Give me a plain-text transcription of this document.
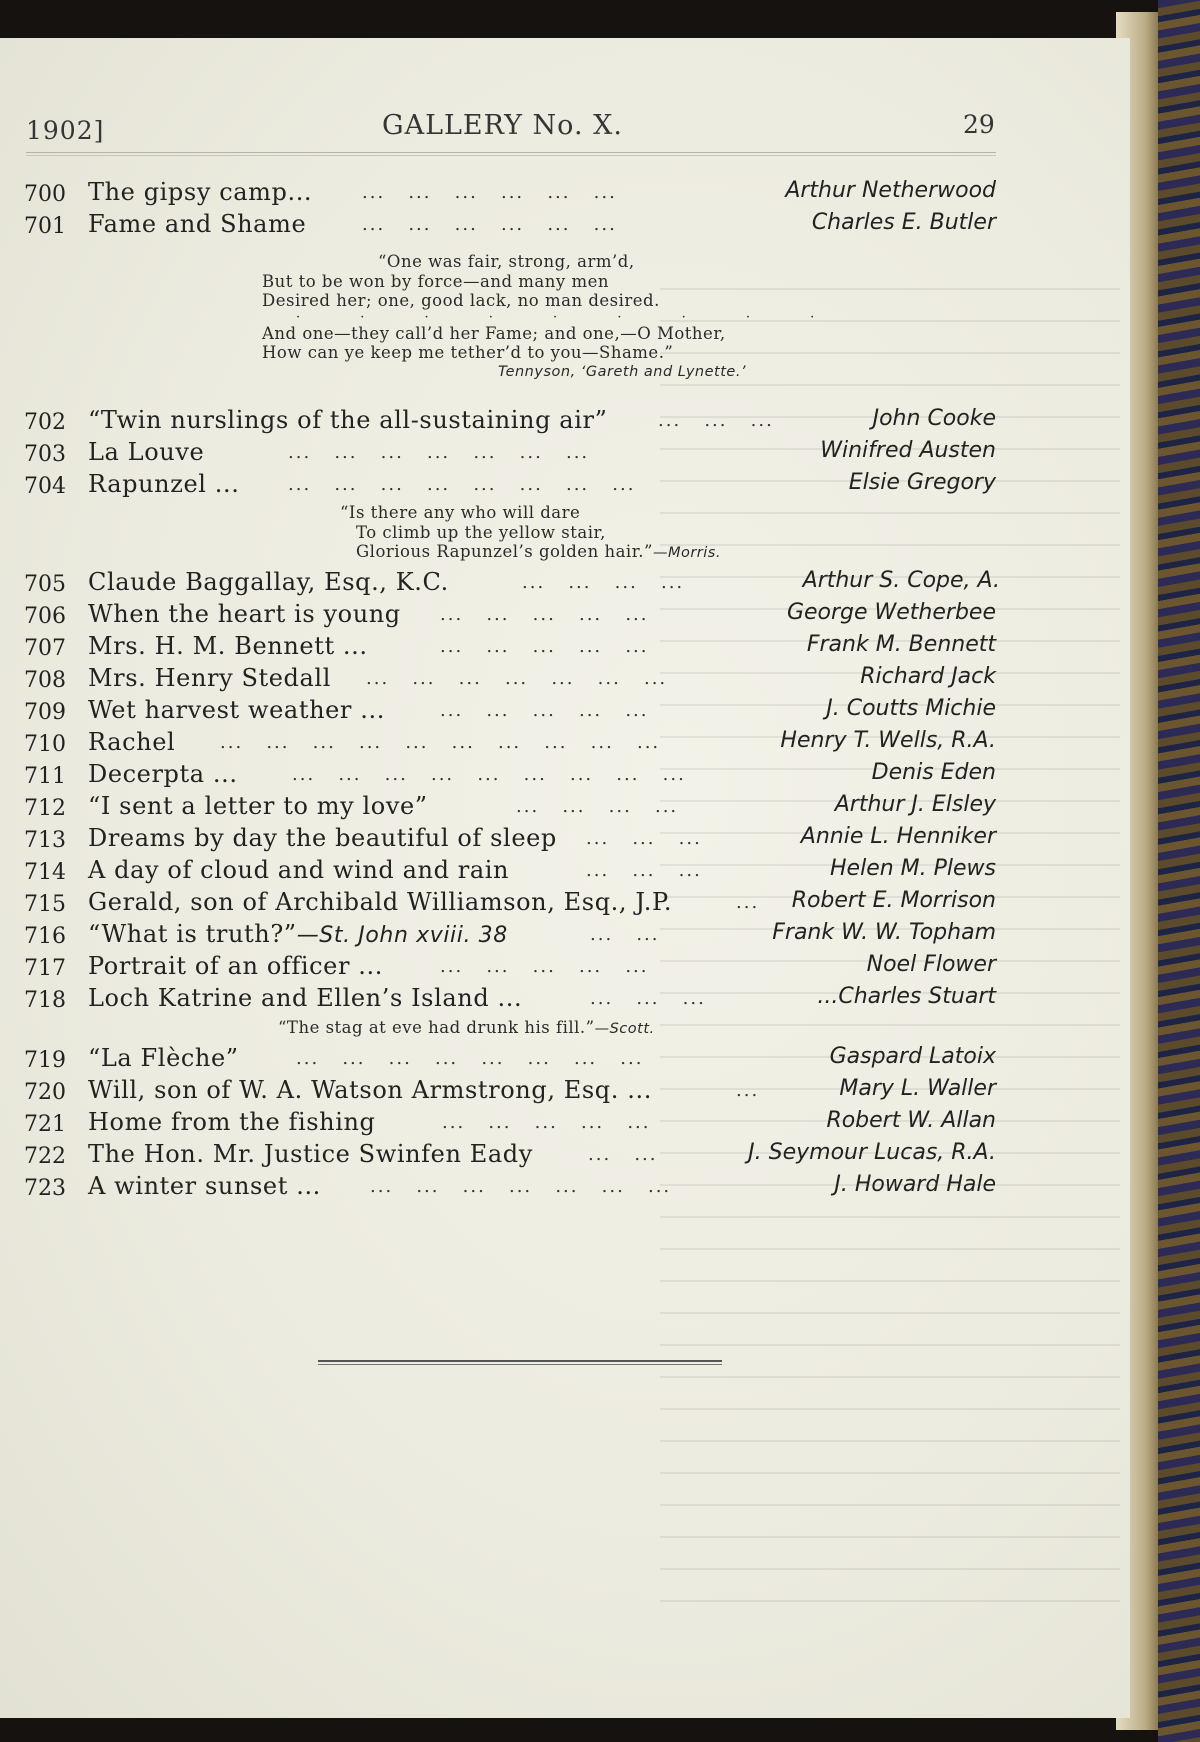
1902]	GALLERY No. X.	29
700 The gipsy camp...	...   ...   ...   ...   ...   ...	Arthur Netherwood
701 Fame and Shame	...   ...   ...   ...   ...   ...	Charles E. Butler
“One was fair, strong, arm’d,
But to be won by force—and many men
Desired her; one, good lack, no man desired.
· · · · · · · · ·
And one—they call’d her Fame; and one,—O Mother,
How can ye keep me tether’d to you—Shame.”
Tennyson, ‘Gareth and Lynette.’
702 “Twin nurslings of the all-sustaining air”	...   ...   ...	John Cooke
703 La Louve	...   ...   ...   ...   ...   ...   ...	Winifred Austen
704 Rapunzel ...	...   ...   ...   ...   ...   ...   ...   ...	Elsie Gregory
“Is there any who will dare
To climb up the yellow stair,
Glorious Rapunzel’s golden hair.”—Morris.
705 Claude Baggallay, Esq., K.C.	...   ...   ...   ...	Arthur S. Cope, A.
706 When the heart is young ...   ...   ...   ...   ...	George Wetherbee
707 Mrs. H. M. Bennett ...	...   ...   ...   ...   ...	Frank M. Bennett
708 Mrs. Henry Stedall ...   ...   ...   ...   ...   ...   ...	Richard Jack
709 Wet harvest weather ...	...   ...   ...   ...   ...	J. Coutts Michie
710 Rachel ...   ...   ...   ...   ...   ...   ...   ...   ...   ...	Henry T. Wells, R.A.
711 Decerpta ...	...   ...   ...   ...   ...   ...   ...   ...   ...	Denis Eden
712 “I sent a letter to my love”	...   ...   ...   ...	Arthur J. Elsley
713 Dreams by day the beautiful of sleep ...   ...   ...	Annie L. Henniker
714 A day of cloud and wind and rain	...   ...   ...	Helen M. Plews
715 Gerald, son of Archibald Williamson, Esq., J.P.	... Robert E. Morrison
716 “What is truth?”—St. John xviii. 38	...   ...	Frank W. W. Topham
717 Portrait of an officer ...	...   ...   ...   ...   ...	Noel Flower
718 Loch Katrine and Ellen’s Island ...	...   ...   ...	...Charles Stuart
“The stag at eve had drunk his fill.”—Scott.
719 “La Flèche”	...   ...   ...   ...   ...   ...   ...   ...	Gaspard Latoix
720 Will, son of W. A. Watson Armstrong, Esq. ...	...	Mary L. Waller
721 Home from the fishing	...   ...   ...   ...   ...	Robert W. Allan
722 The Hon. Mr. Justice Swinfen Eady	...   ...	J. Seymour Lucas, R.A.
723 A winter sunset ...	...   ...   ...   ...   ...   ...   ...	J. Howard Hale
